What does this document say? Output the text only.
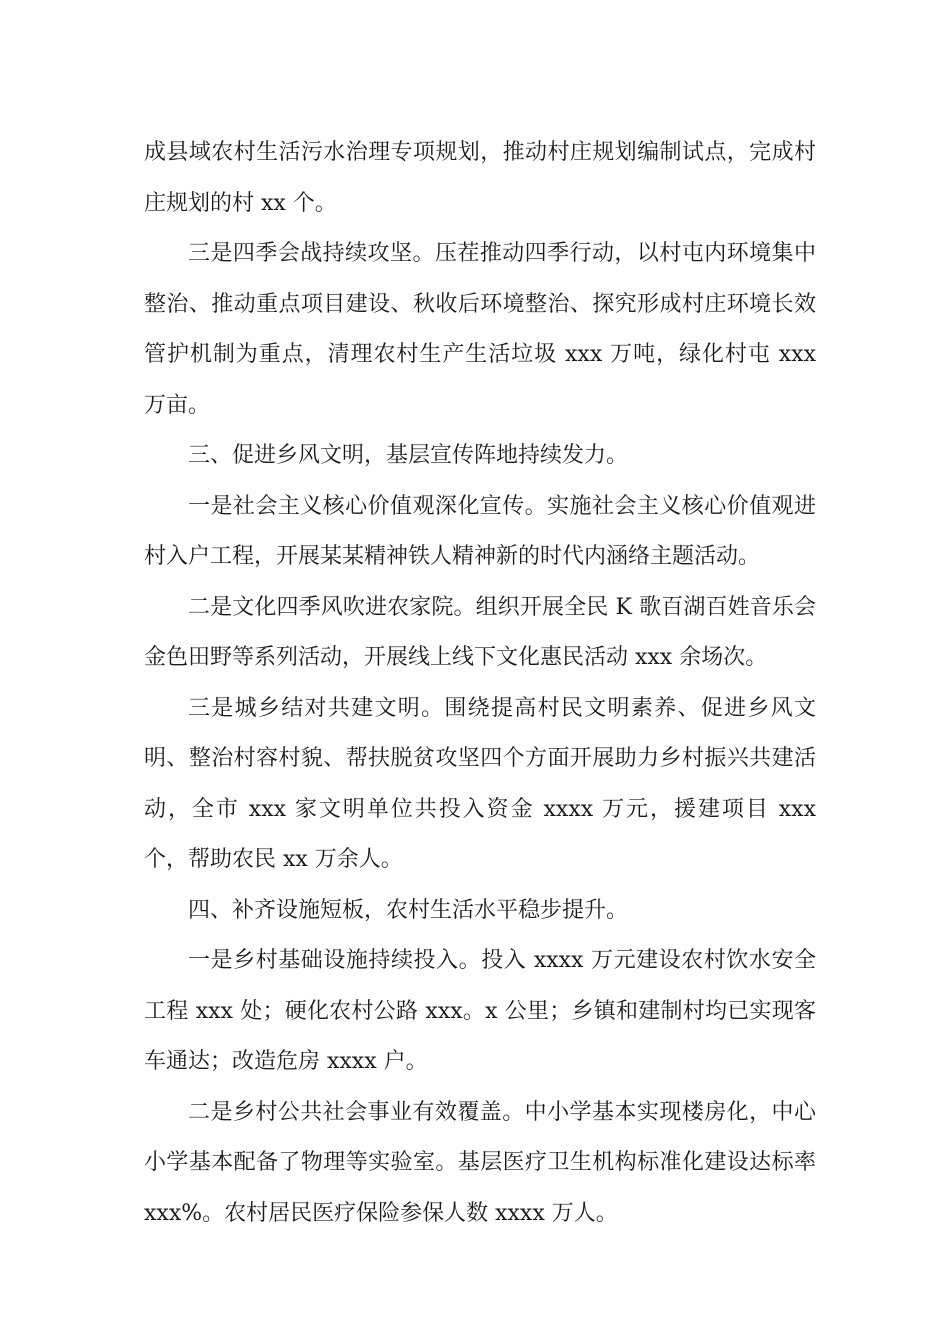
成县域农村生活污水治理专项规划，推动村庄规划编制试点，完成村庄规划的村 xx 个。

三是四季会战持续攻坚。压茬推动四季行动，以村屯内环境集中整治、推动重点项目建设、秋收后环境整治、探究形成村庄环境长效管护机制为重点，清理农村生产生活垃圾 xxx 万吨，绿化村屯 xxx 万亩。

三、促进乡风文明，基层宣传阵地持续发力。

一是社会主义核心价值观深化宣传。实施社会主义核心价值观进村入户工程，开展某某精神铁人精神新的时代内涵络主题活动。

二是文化四季风吹进农家院。组织开展全民 K 歌百湖百姓音乐会金色田野等系列活动，开展线上线下文化惠民活动 xxx 余场次。

三是城乡结对共建文明。围绕提高村民文明素养、促进乡风文明、整治村容村貌、帮扶脱贫攻坚四个方面开展助力乡村振兴共建活动，全市 xxx 家文明单位共投入资金 xxxx 万元，援建项目 xxx 个，帮助农民 xx 万余人。

四、补齐设施短板，农村生活水平稳步提升。

一是乡村基础设施持续投入。投入 xxxx 万元建设农村饮水安全工程 xxx 处；硬化农村公路 xxx。x 公里；乡镇和建制村均已实现客车通达；改造危房 xxxx 户。

二是乡村公共社会事业有效覆盖。中小学基本实现楼房化，中心小学基本配备了物理等实验室。基层医疗卫生机构标准化建设达标率 xxx%。农村居民医疗保险参保人数 xxxx 万人。
